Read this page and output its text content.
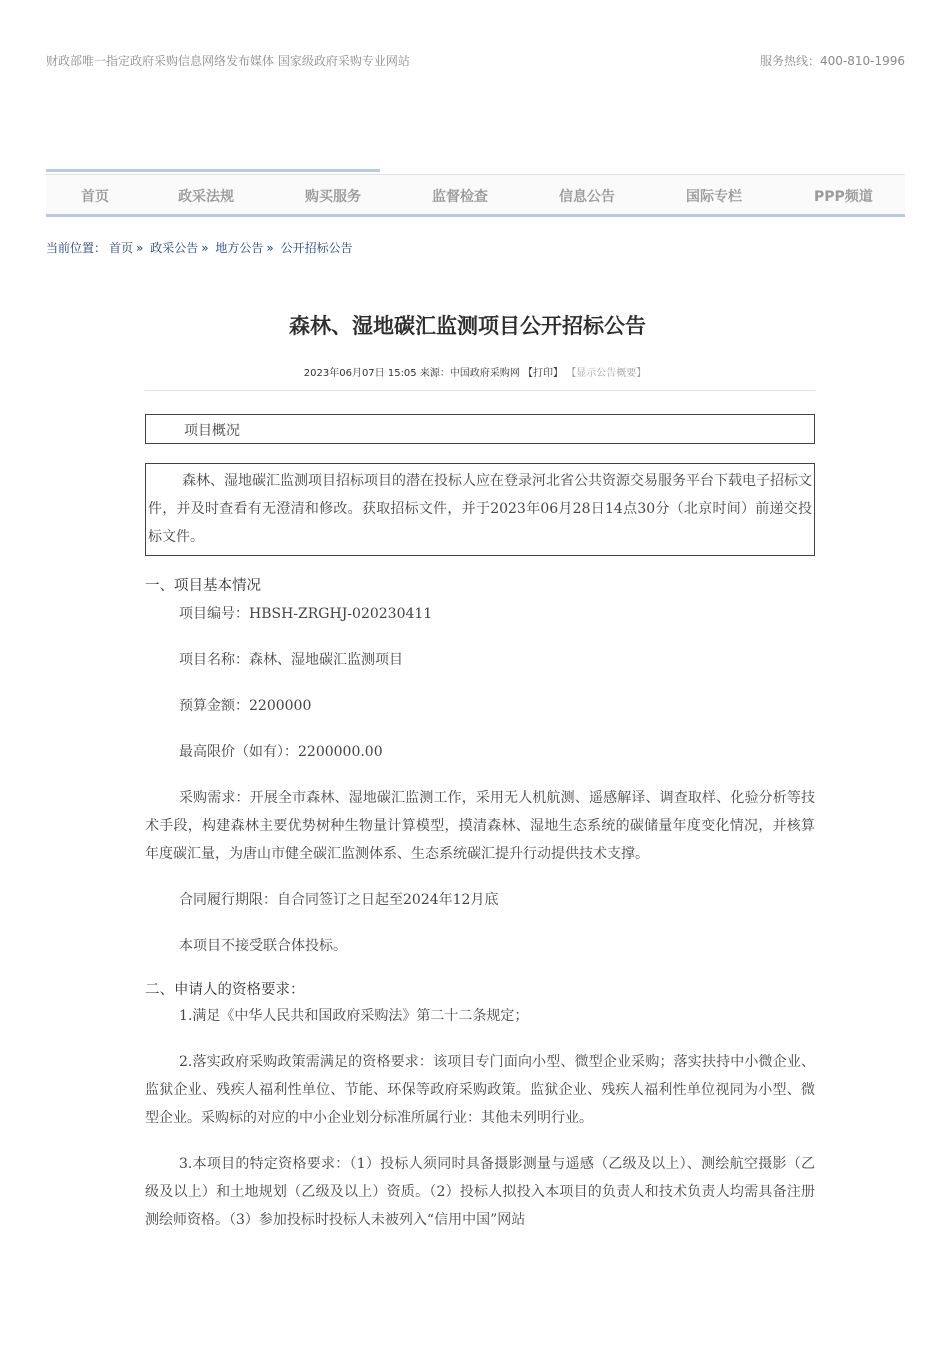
财政部唯一指定政府采购信息网络发布媒体 国家级政府采购专业网站	服务热线：400-810-1996
首页	政采法规	购买服务	监督检查	信息公告	国际专栏	PPP频道
当前位置： 首页 » 政采公告 » 地方公告 » 公开招标公告
森林、湿地碳汇监测项目公开招标公告
2023年06月07日 15:05 来源：中国政府采购网 【打印】 【显示公告概要】
项目概况
森林、湿地碳汇监测项目招标项目的潜在投标人应在登录河北省公共资源交易服务平台下载电子招标文件，并及时查看有无澄清和修改。获取招标文件，并于2023年06月28日14点30分（北京时间）前递交投标文件。
一、项目基本情况
项目编号：HBSH-ZRGHJ-020230411
项目名称：森林、湿地碳汇监测项目
预算金额：2200000
最高限价（如有）：2200000.00
采购需求：开展全市森林、湿地碳汇监测工作，采用无人机航测、遥感解译、调查取样、化验分析等技术手段，构建森林主要优势树种生物量计算模型，摸清森林、湿地生态系统的碳储量年度变化情况，并核算年度碳汇量，为唐山市健全碳汇监测体系、生态系统碳汇提升行动提供技术支撑。
合同履行期限：自合同签订之日起至2024年12月底
本项目不接受联合体投标。
二、申请人的资格要求：
1.满足《中华人民共和国政府采购法》第二十二条规定；
2.落实政府采购政策需满足的资格要求：该项目专门面向小型、微型企业采购；落实扶持中小微企业、监狱企业、残疾人福利性单位、节能、环保等政府采购政策。监狱企业、残疾人福利性单位视同为小型、微型企业。采购标的对应的中小企业划分标准所属行业：其他未列明行业。
3.本项目的特定资格要求：（1）投标人须同时具备摄影测量与遥感（乙级及以上）、测绘航空摄影（乙级及以上）和土地规划（乙级及以上）资质。（2）投标人拟投入本项目的负责人和技术负责人均需具备注册测绘师资格。（3）参加投标时投标人未被列入“信用中国”网站
